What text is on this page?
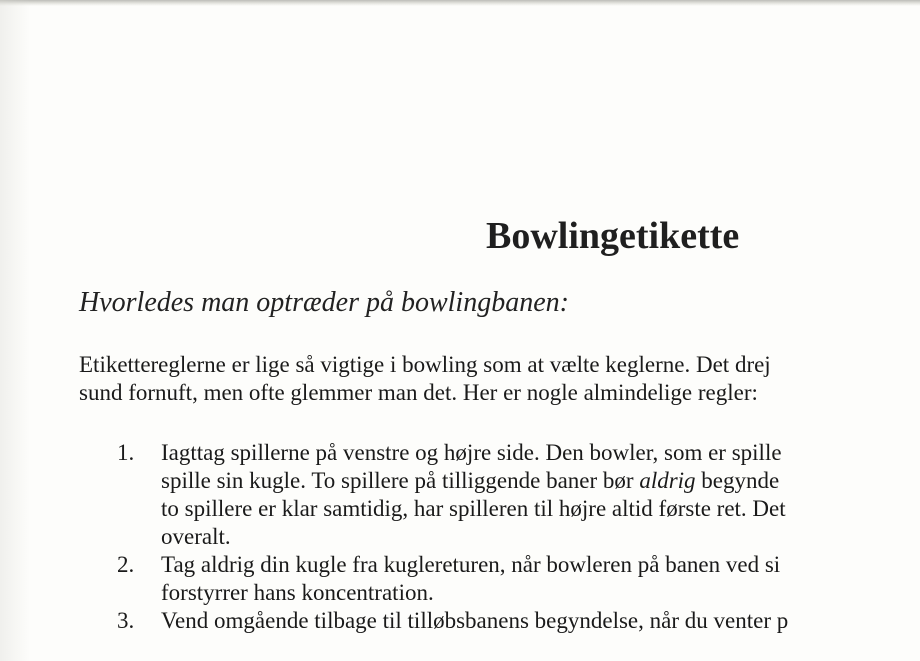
Bowlingetikette
Hvorledes man optræder på bowlingbanen:

Etikettereglerne er lige så vigtige i bowling som at vælte keglerne. Det drej
sund fornuft, men ofte glemmer man det. Her er nogle almindelige regler:

1. Iagttag spillerne på venstre og højre side. Den bowler, som er spille
spille sin kugle. To spillere på tilliggende baner bør aldrig begynde
to spillere er klar samtidig, har spilleren til højre altid første ret. Det
overalt.
2. Tag aldrig din kugle fra kuglereturen, når bowleren på banen ved si
forstyrrer hans koncentration.
3. Vend omgående tilbage til tilløbsbanens begyndelse, når du venter p
